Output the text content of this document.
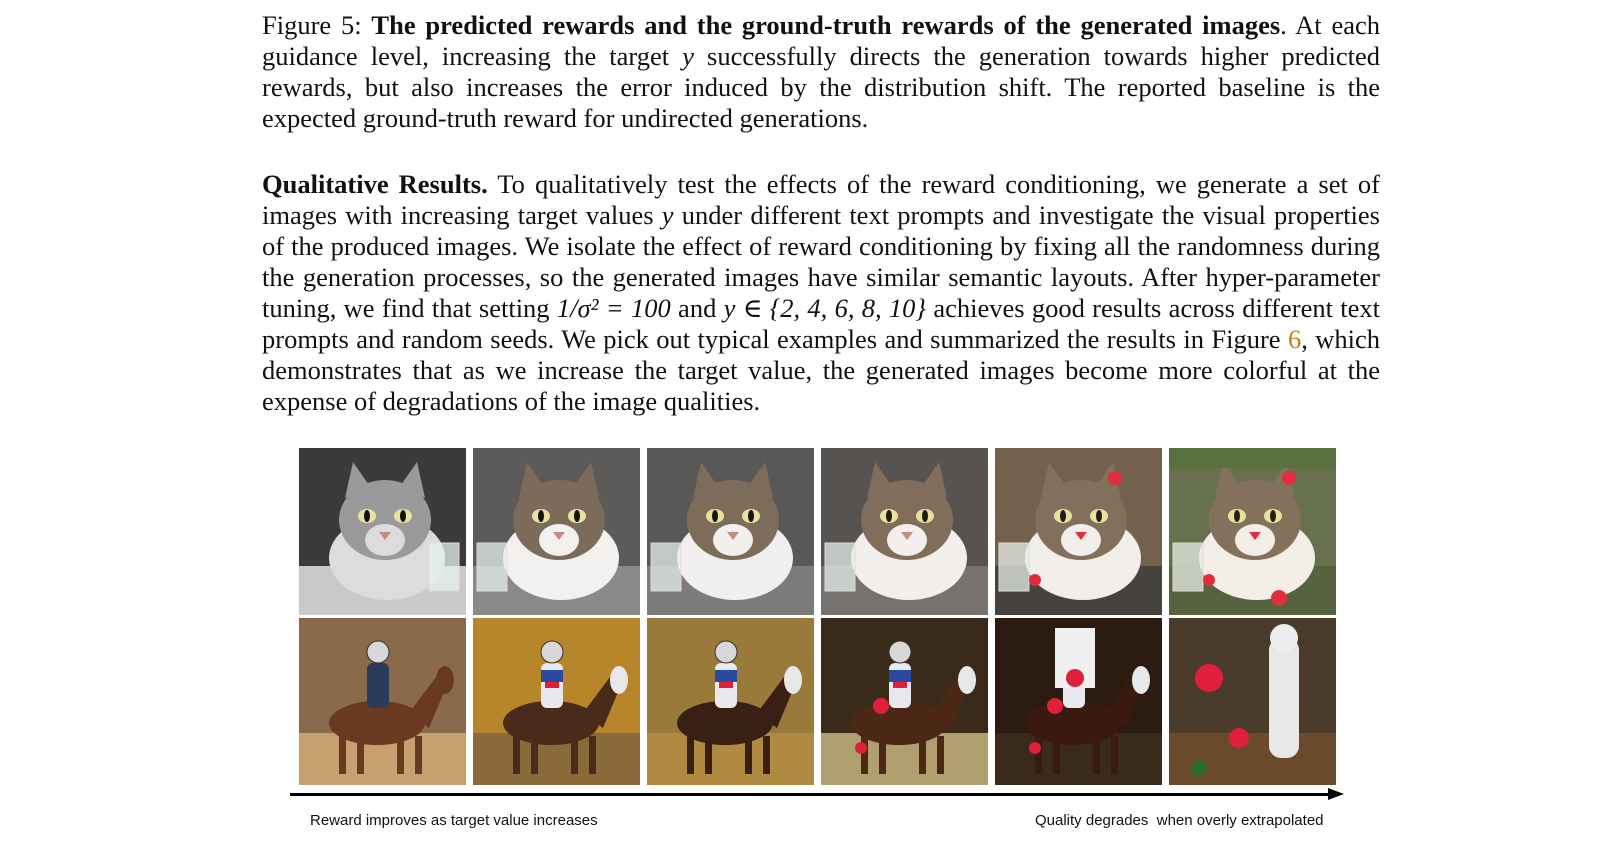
Figure 5: The predicted rewards and the ground-truth rewards of the generated images. At each guidance level, increasing the target y successfully directs the generation towards higher predicted rewards, but also increases the error induced by the distribution shift. The reported baseline is the expected ground-truth reward for undirected generations.
Qualitative Results. To qualitatively test the effects of the reward conditioning, we generate a set of images with increasing target values y under different text prompts and investigate the visual properties of the produced images. We isolate the effect of reward conditioning by fixing all the randomness during the generation processes, so the generated images have similar semantic layouts. After hyper-parameter tuning, we find that setting 1/σ² = 100 and y ∈ {2, 4, 6, 8, 10} achieves good results across different text prompts and random seeds. We pick out typical examples and summarized the results in Figure 6, which demonstrates that as we increase the target value, the generated images become more colorful at the expense of degradations of the image qualities.
Reward improves as target value increases	Quality degrades  when overly extrapolated
